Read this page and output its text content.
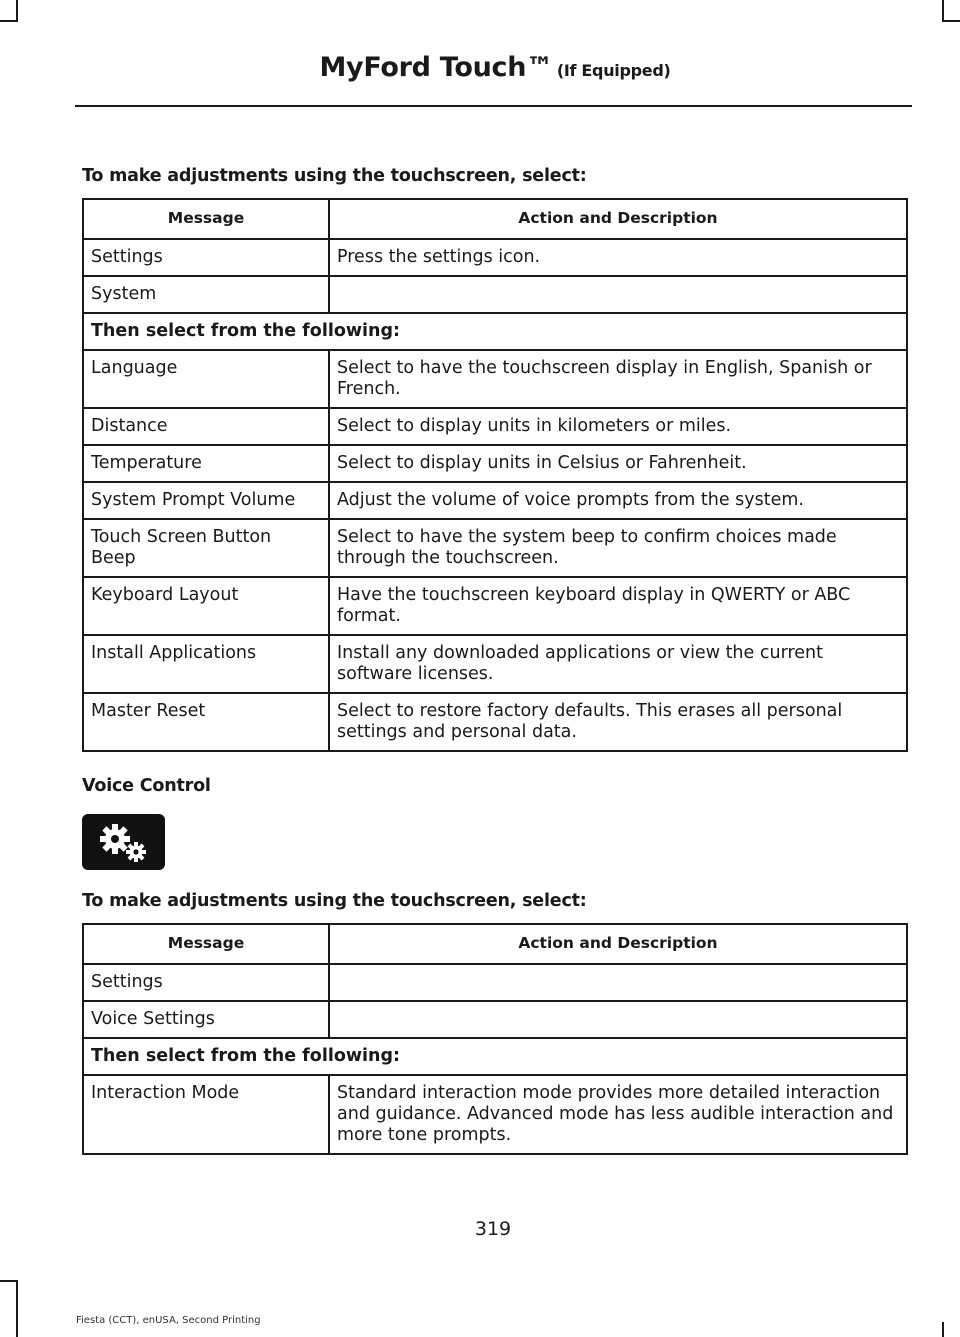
MyFord Touch™ (If Equipped)
To make adjustments using the touchscreen, select:
Message	Action and Description
Settings	Press the settings icon.
System	
Then select from the following:	
Language	Select to have the touchscreen display in English, Spanish or French.
Distance	Select to display units in kilometers or miles.
Temperature	Select to display units in Celsius or Fahrenheit.
System Prompt Volume	Adjust the volume of voice prompts from the system.
Touch Screen Button Beep	Select to have the system beep to confirm choices made through the touchscreen.
Keyboard Layout	Have the touchscreen keyboard display in QWERTY or ABC format.
Install Applications	Install any downloaded applications or view the current software licenses.
Master Reset	Select to restore factory defaults. This erases all personal settings and personal data.
Voice Control
To make adjustments using the touchscreen, select:
Message	Action and Description
Settings	
Voice Settings	
Then select from the following:	
Interaction Mode	Standard interaction mode provides more detailed interaction and guidance. Advanced mode has less audible interaction and more tone prompts.
319
Fiesta (CCT), enUSA, Second Printing
